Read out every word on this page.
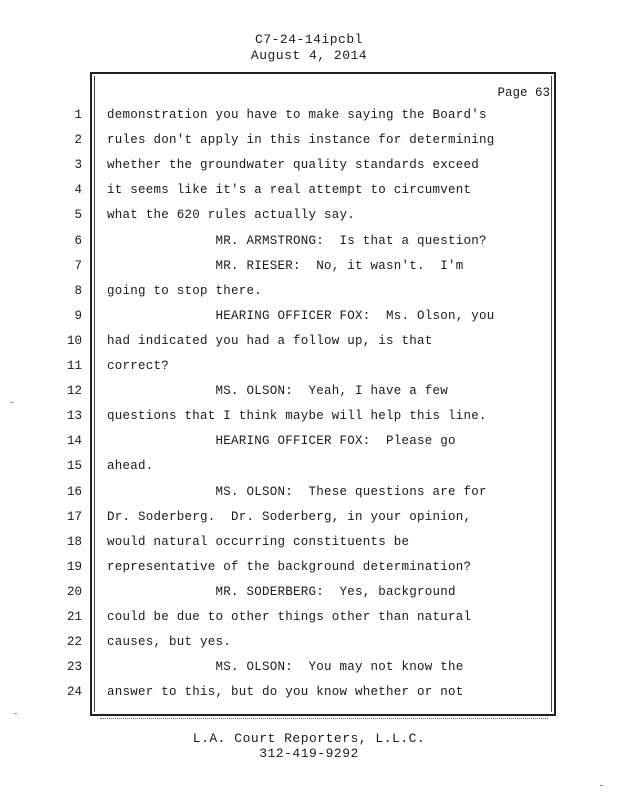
C7-24-14ipcbl
August 4, 2014
Page 63
1 demonstration you have to make saying the Board's
2 rules don't apply in this instance for determining
3 whether the groundwater quality standards exceed
4 it seems like it's a real attempt to circumvent
5 what the 620 rules actually say.
6 MR. ARMSTRONG:  Is that a question?
7 MR. RIESER:  No, it wasn't.  I'm
8 going to stop there.
9 HEARING OFFICER FOX:  Ms. Olson, you
10 had indicated you had a follow up, is that
11 correct?
12 MS. OLSON:  Yeah, I have a few
13 questions that I think maybe will help this line.
14 HEARING OFFICER FOX:  Please go
15 ahead.
16 MS. OLSON:  These questions are for
17 Dr. Soderberg.  Dr. Soderberg, in your opinion,
18 would natural occurring constituents be
19 representative of the background determination?
20 MR. SODERBERG:  Yes, background
21 could be due to other things other than natural
22 causes, but yes.
23 MS. OLSON:  You may not know the
24 answer to this, but do you know whether or not
L.A. Court Reporters, L.L.C.
312-419-9292
